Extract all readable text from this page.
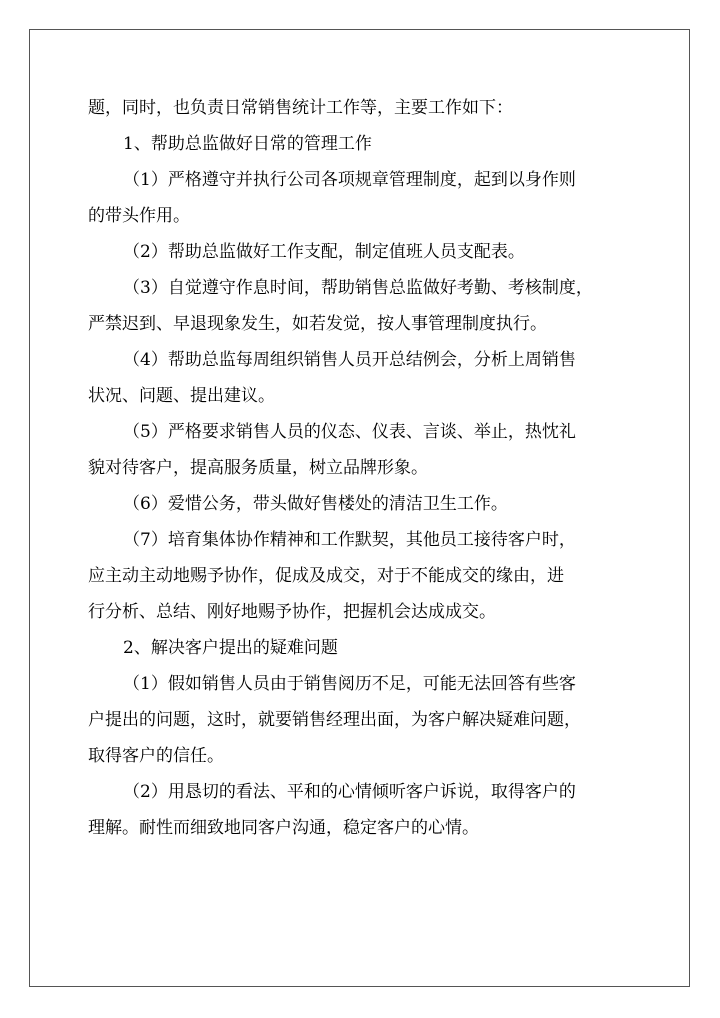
题，同时，也负责日常销售统计工作等，主要工作如下：
1、帮助总监做好日常的管理工作
（1）严格遵守并执行公司各项规章管理制度，起到以身作则
的带头作用。
（2）帮助总监做好工作支配，制定值班人员支配表。
（3）自觉遵守作息时间，帮助销售总监做好考勤、考核制度，
严禁迟到、早退现象发生，如若发觉，按人事管理制度执行。
（4）帮助总监每周组织销售人员开总结例会，分析上周销售
状况、问题、提出建议。
（5）严格要求销售人员的仪态、仪表、言谈、举止，热忱礼
貌对待客户，提高服务质量，树立品牌形象。
（6）爱惜公务，带头做好售楼处的清洁卫生工作。
（7）培育集体协作精神和工作默契，其他员工接待客户时，
应主动主动地赐予协作，促成及成交，对于不能成交的缘由，进
行分析、总结、刚好地赐予协作，把握机会达成成交。
2、解决客户提出的疑难问题
（1）假如销售人员由于销售阅历不足，可能无法回答有些客
户提出的问题，这时，就要销售经理出面，为客户解决疑难问题，
取得客户的信任。
（2）用恳切的看法、平和的心情倾听客户诉说，取得客户的
理解。耐性而细致地同客户沟通，稳定客户的心情。
